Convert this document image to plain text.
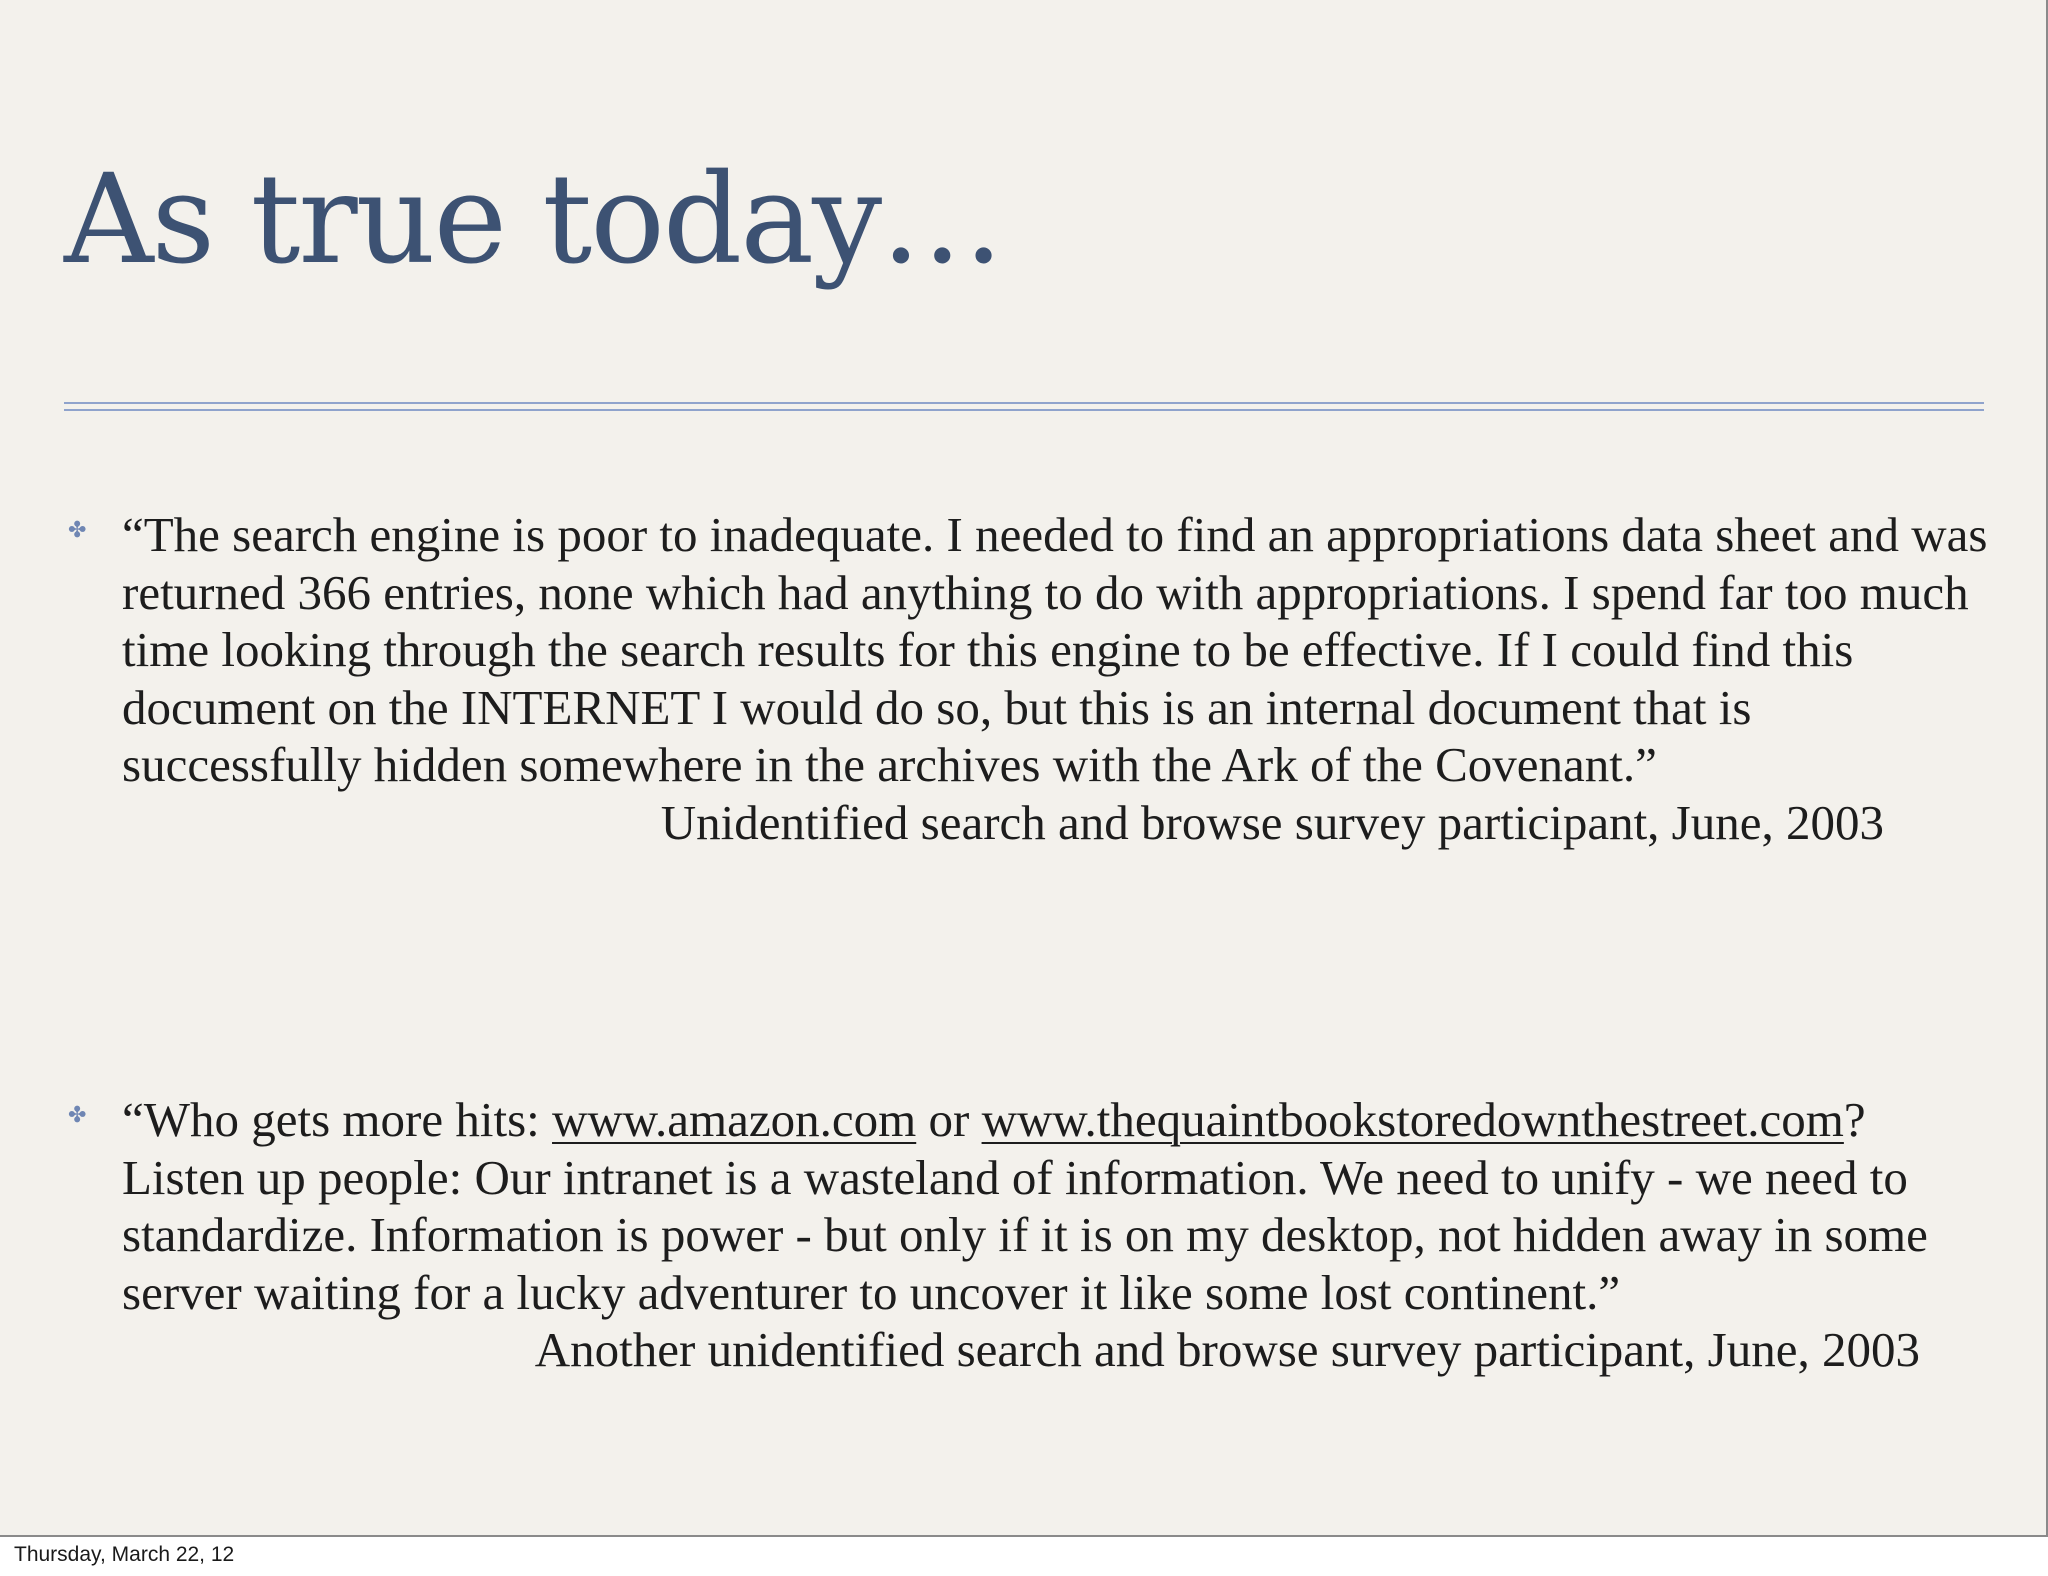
As true today…
✤ “The search engine is poor to inadequate. I needed to find an appropriations data sheet and was returned 366 entries, none which had anything to do with appropriations. I spend far too much time looking through the search results for this engine to be effective. If I could find this document on the INTERNET I would do so, but this is an internal document that is successfully hidden somewhere in the archives with the Ark of the Covenant.”

Unidentified search and browse survey participant, June, 2003

✤ “Who gets more hits: www.amazon.com or www.thequaintbookstoredownthestreet.com? Listen up people: Our intranet is a wasteland of information. We need to unify - we need to standardize. Information is power - but only if it is on my desktop, not hidden away in some server waiting for a lucky adventurer to uncover it like some lost continent.”

Another unidentified search and browse survey participant, June, 2003

Thursday, March 22, 12
